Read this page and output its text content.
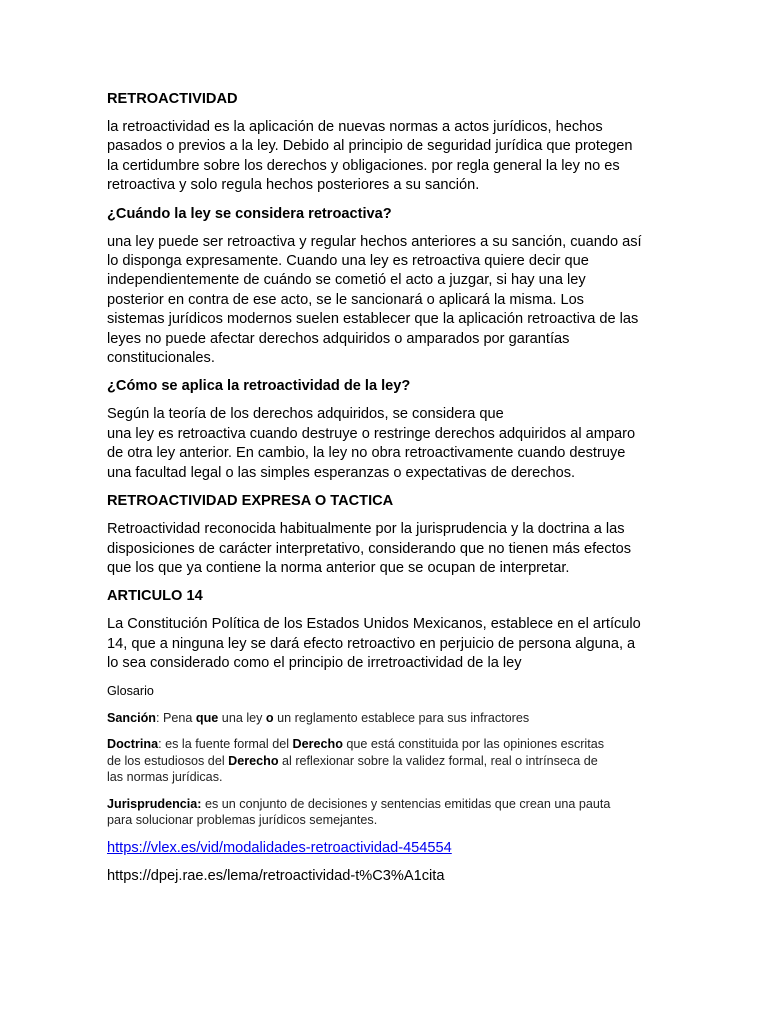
RETROACTIVIDAD
la retroactividad es la aplicación de nuevas normas a actos jurídicos, hechos
pasados o previos a la ley. Debido al principio de seguridad jurídica que protegen
la certidumbre sobre los derechos y obligaciones. por regla general la ley no es
retroactiva y solo regula hechos posteriores a su sanción.
¿Cuándo la ley se considera retroactiva?
una ley puede ser retroactiva y regular hechos anteriores a su sanción, cuando así
lo disponga expresamente. Cuando una ley es retroactiva quiere decir que
independientemente de cuándo se cometió el acto a juzgar, si hay una ley
posterior en contra de ese acto, se le sancionará o aplicará la misma. Los
sistemas jurídicos modernos suelen establecer que la aplicación retroactiva de las
leyes no puede afectar derechos adquiridos o amparados por garantías
constitucionales.
¿Cómo se aplica la retroactividad de la ley?
Según la teoría de los derechos adquiridos, se considera que
una ley es retroactiva cuando destruye o restringe derechos adquiridos al amparo
de otra ley anterior. En cambio, la ley no obra retroactivamente cuando destruye
una facultad legal o las simples esperanzas o expectativas de derechos.
RETROACTIVIDAD EXPRESA O TACTICA
Retroactividad reconocida habitualmente por la jurisprudencia y la doctrina a las
disposiciones de carácter interpretativo, considerando que no tienen más efectos
que los que ya contiene la norma anterior que se ocupan de interpretar.
ARTICULO 14
La Constitución Política de los Estados Unidos Mexicanos, establece en el artículo
14, que a ninguna ley se dará efecto retroactivo en perjuicio de persona alguna, a
lo sea considerado como el principio de irretroactividad de la ley
Glosario
Sanción: Pena que una ley o un reglamento establece para sus infractores
Doctrina: es la fuente formal del Derecho que está constituida por las opiniones escritas
de los estudiosos del Derecho al reflexionar sobre la validez formal, real o intrínseca de
las normas jurídicas.
Jurisprudencia: es un conjunto de decisiones y sentencias emitidas que crean una pauta
para solucionar problemas jurídicos semejantes.
https://vlex.es/vid/modalidades-retroactividad-454554
https://dpej.rae.es/lema/retroactividad-t%C3%A1cita
